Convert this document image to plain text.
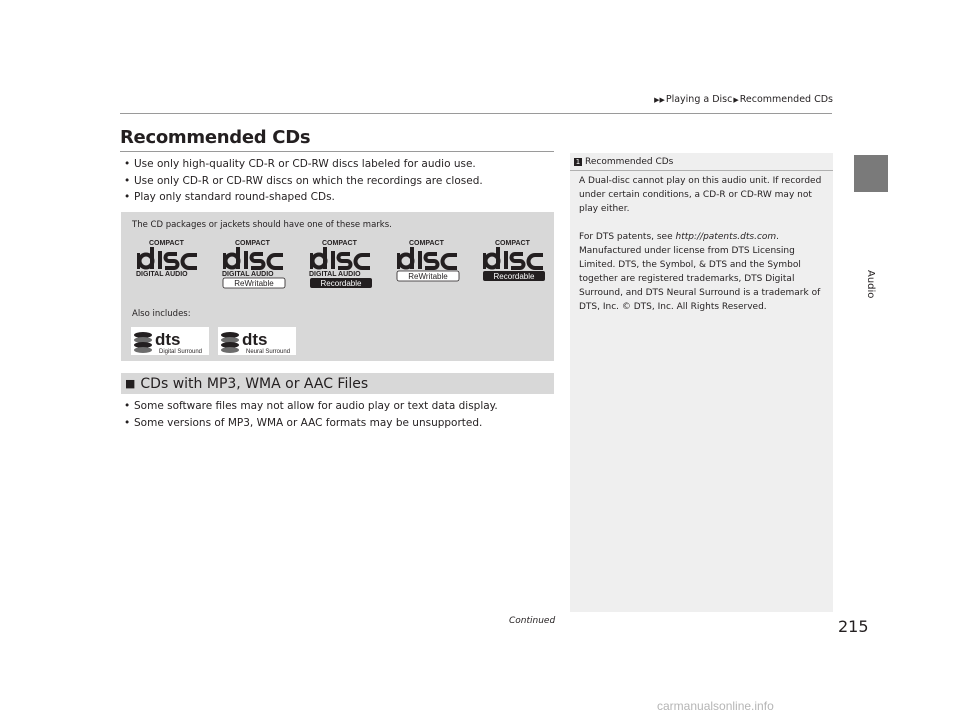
▶▶ Playing a Disc ▶ Recommended CDs
Audio
Recommended CDs
• Use only high-quality CD-R or CD-RW discs labeled for audio use.
• Use only CD-R or CD-RW discs on which the recordings are closed.
• Play only standard round-shaped CDs.
The CD packages or jackets should have one of these marks.
Also includes:
COMPACT
DIGITAL AUDIO
COMPACT
DIGITAL AUDIO
ReWritable
COMPACT
DIGITAL AUDIO
Recordable
COMPACT
ReWritable
COMPACT
Recordable
dts
Digital Surround
dts
Neural Surround
■ CDs with MP3, WMA or AAC Files
• Some software files may not allow for audio play or text data display.
• Some versions of MP3, WMA or AAC formats may be unsupported.
1 Recommended CDs

A Dual-disc cannot play on this audio unit. If recorded under certain conditions, a CD-R or CD-RW may not play either.

For DTS patents, see http://patents.dts.com. Manufactured under license from DTS Licensing Limited. DTS, the Symbol, & DTS and the Symbol together are registered trademarks, DTS Digital Surround, and DTS Neural Surround is a trademark of DTS, Inc. © DTS, Inc. All Rights Reserved.

Continued	215
carmanualsonline.info
